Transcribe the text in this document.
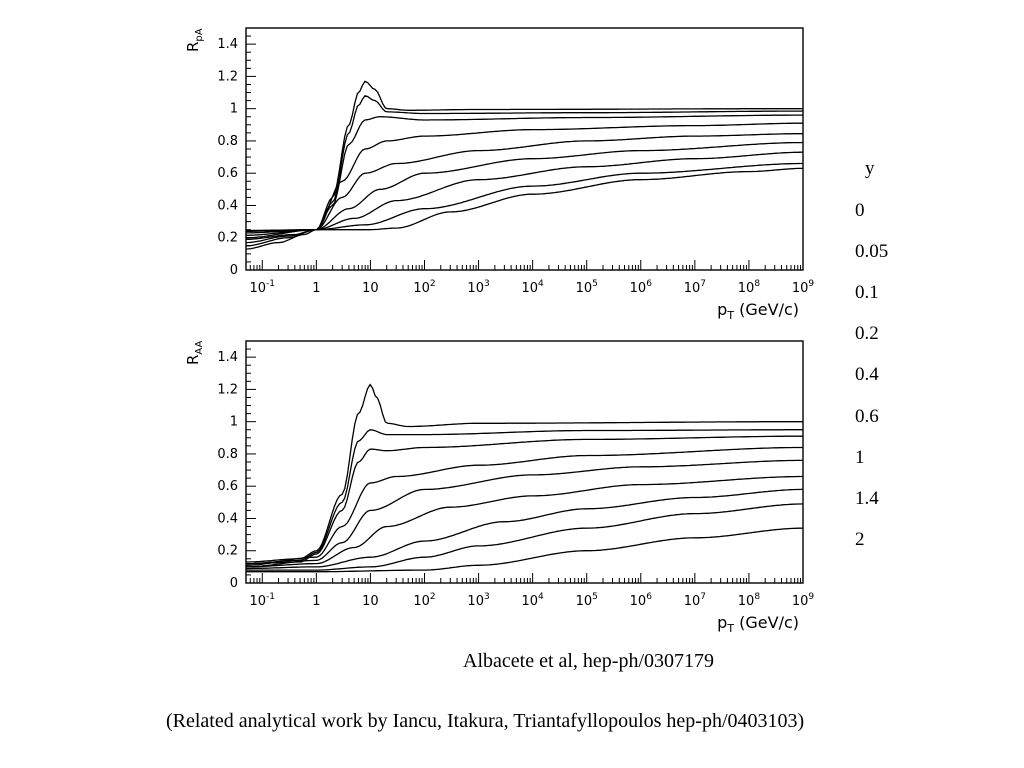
0
0.2
0.4
0.6
0.8
1
1.2
1.4
$10^{-1}$	1	10	$10^2$ $10^3$ $10^4$ $10^5$ $10^6$ $10^7$ $10^8$ $10^9$
$p_T$ (GeV/c)
$R_{pA}$
0
0.2
0.4
0.6
0.8
1
1.2
1.4
$10^{-1}$	1	10	$10^2$ $10^3$ $10^4$ $10^5$ $10^6$ $10^7$ $10^8$ $10^9$
$p_T$ (GeV/c)
$R_{AA}$
y
0
0.05
0.1
0.2
0.4
0.6
1
1.4
2
Albacete et al, hep-ph/0307179
(Related analytical work by Iancu, Itakura, Triantafyllopoulos hep-ph/0403103)
